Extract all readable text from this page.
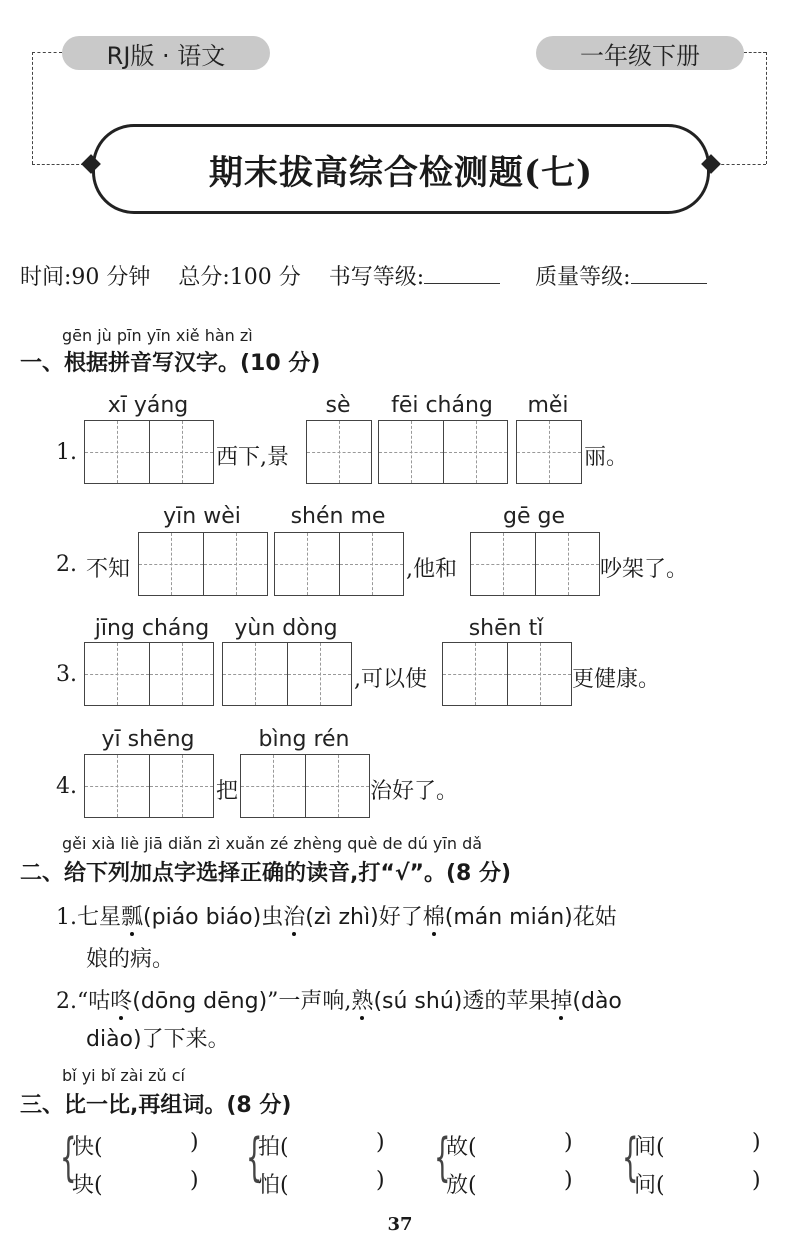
RJ版 · 语文	一年级下册
期末拔高综合检测题(七)
时间:90 分钟 总分:100 分 书写等级:	质量等级:
gēn jù pīn yīn xiě hàn zì
一、根据拼音写汉字。(10 分)
xī yáng	sè	fēi cháng	měi
1.	西下,景	丽。
yīn wèi	shén me	gē ge
2. 不知	,他和	吵架了。
jīng cháng	yùn dòng	shēn tǐ
3.	,可以使	更健康。
yī shēng	bìng rén
4.	把	治好了。
gěi xià liè jiā diǎn zì xuǎn zé zhèng què de dú yīn dǎ
二、给下列加点字选择正确的读音,打“√”。(8 分)
1.七星瓢(piáo biáo)虫治(zì zhì)好了棉(mán mián)花姑
娘的病。
2.“咕咚(dōng dēng)”一声响,熟(sú shú)透的苹果掉(dào
diào)了下来。
bǐ yi bǐ zài zǔ cí
三、比一比,再组词。(8 分)
{
快(	)
块(	) {
拍(	)
怕(	) {
故(	)
放(	) {
间(	)
问(	)
37
